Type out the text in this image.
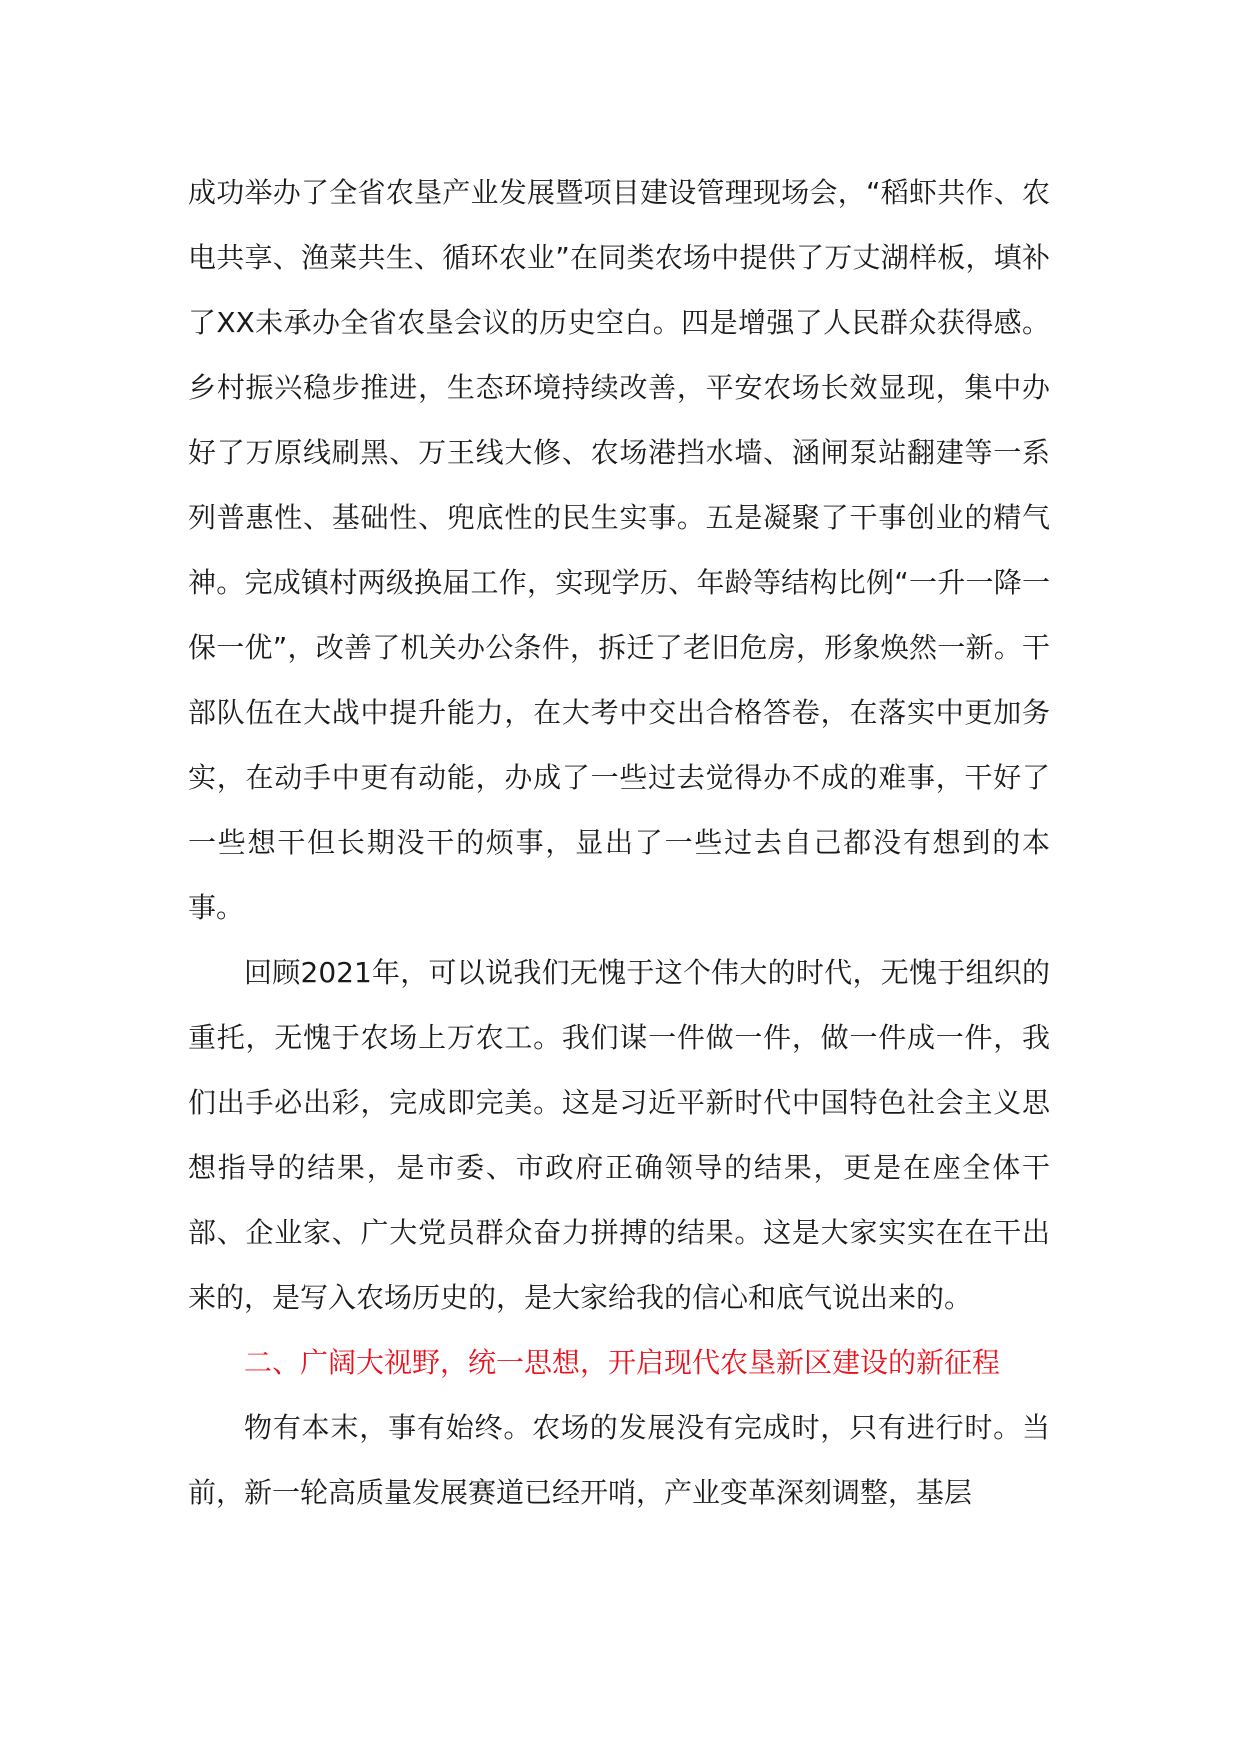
成功举办了全省农垦产业发展暨项目建设管理现场会，“稻虾共作、农电共享、渔菜共生、循环农业”在同类农场中提供了万丈湖样板，填补了XX未承办全省农垦会议的历史空白。四是增强了人民群众获得感。乡村振兴稳步推进，生态环境持续改善，平安农场长效显现，集中办好了万原线刷黑、万王线大修、农场港挡水墙、涵闸泵站翻建等一系列普惠性、基础性、兜底性的民生实事。五是凝聚了干事创业的精气神。完成镇村两级换届工作，实现学历、年龄等结构比例“一升一降一保一优”，改善了机关办公条件，拆迁了老旧危房，形象焕然一新。干部队伍在大战中提升能力，在大考中交出合格答卷，在落实中更加务实，在动手中更有动能，办成了一些过去觉得办不成的难事，干好了一些想干但长期没干的烦事，显出了一些过去自己都没有想到的本事。

回顾2021年，可以说我们无愧于这个伟大的时代，无愧于组织的重托，无愧于农场上万农工。我们谋一件做一件，做一件成一件，我们出手必出彩，完成即完美。这是习近平新时代中国特色社会主义思想指导的结果，是市委、市政府正确领导的结果，更是在座全体干部、企业家、广大党员群众奋力拼搏的结果。这是大家实实在在干出来的，是写入农场历史的，是大家给我的信心和底气说出来的。

二、广阔大视野，统一思想，开启现代农垦新区建设的新征程

物有本末，事有始终。农场的发展没有完成时，只有进行时。当前，新一轮高质量发展赛道已经开哨，产业变革深刻调整，基层
